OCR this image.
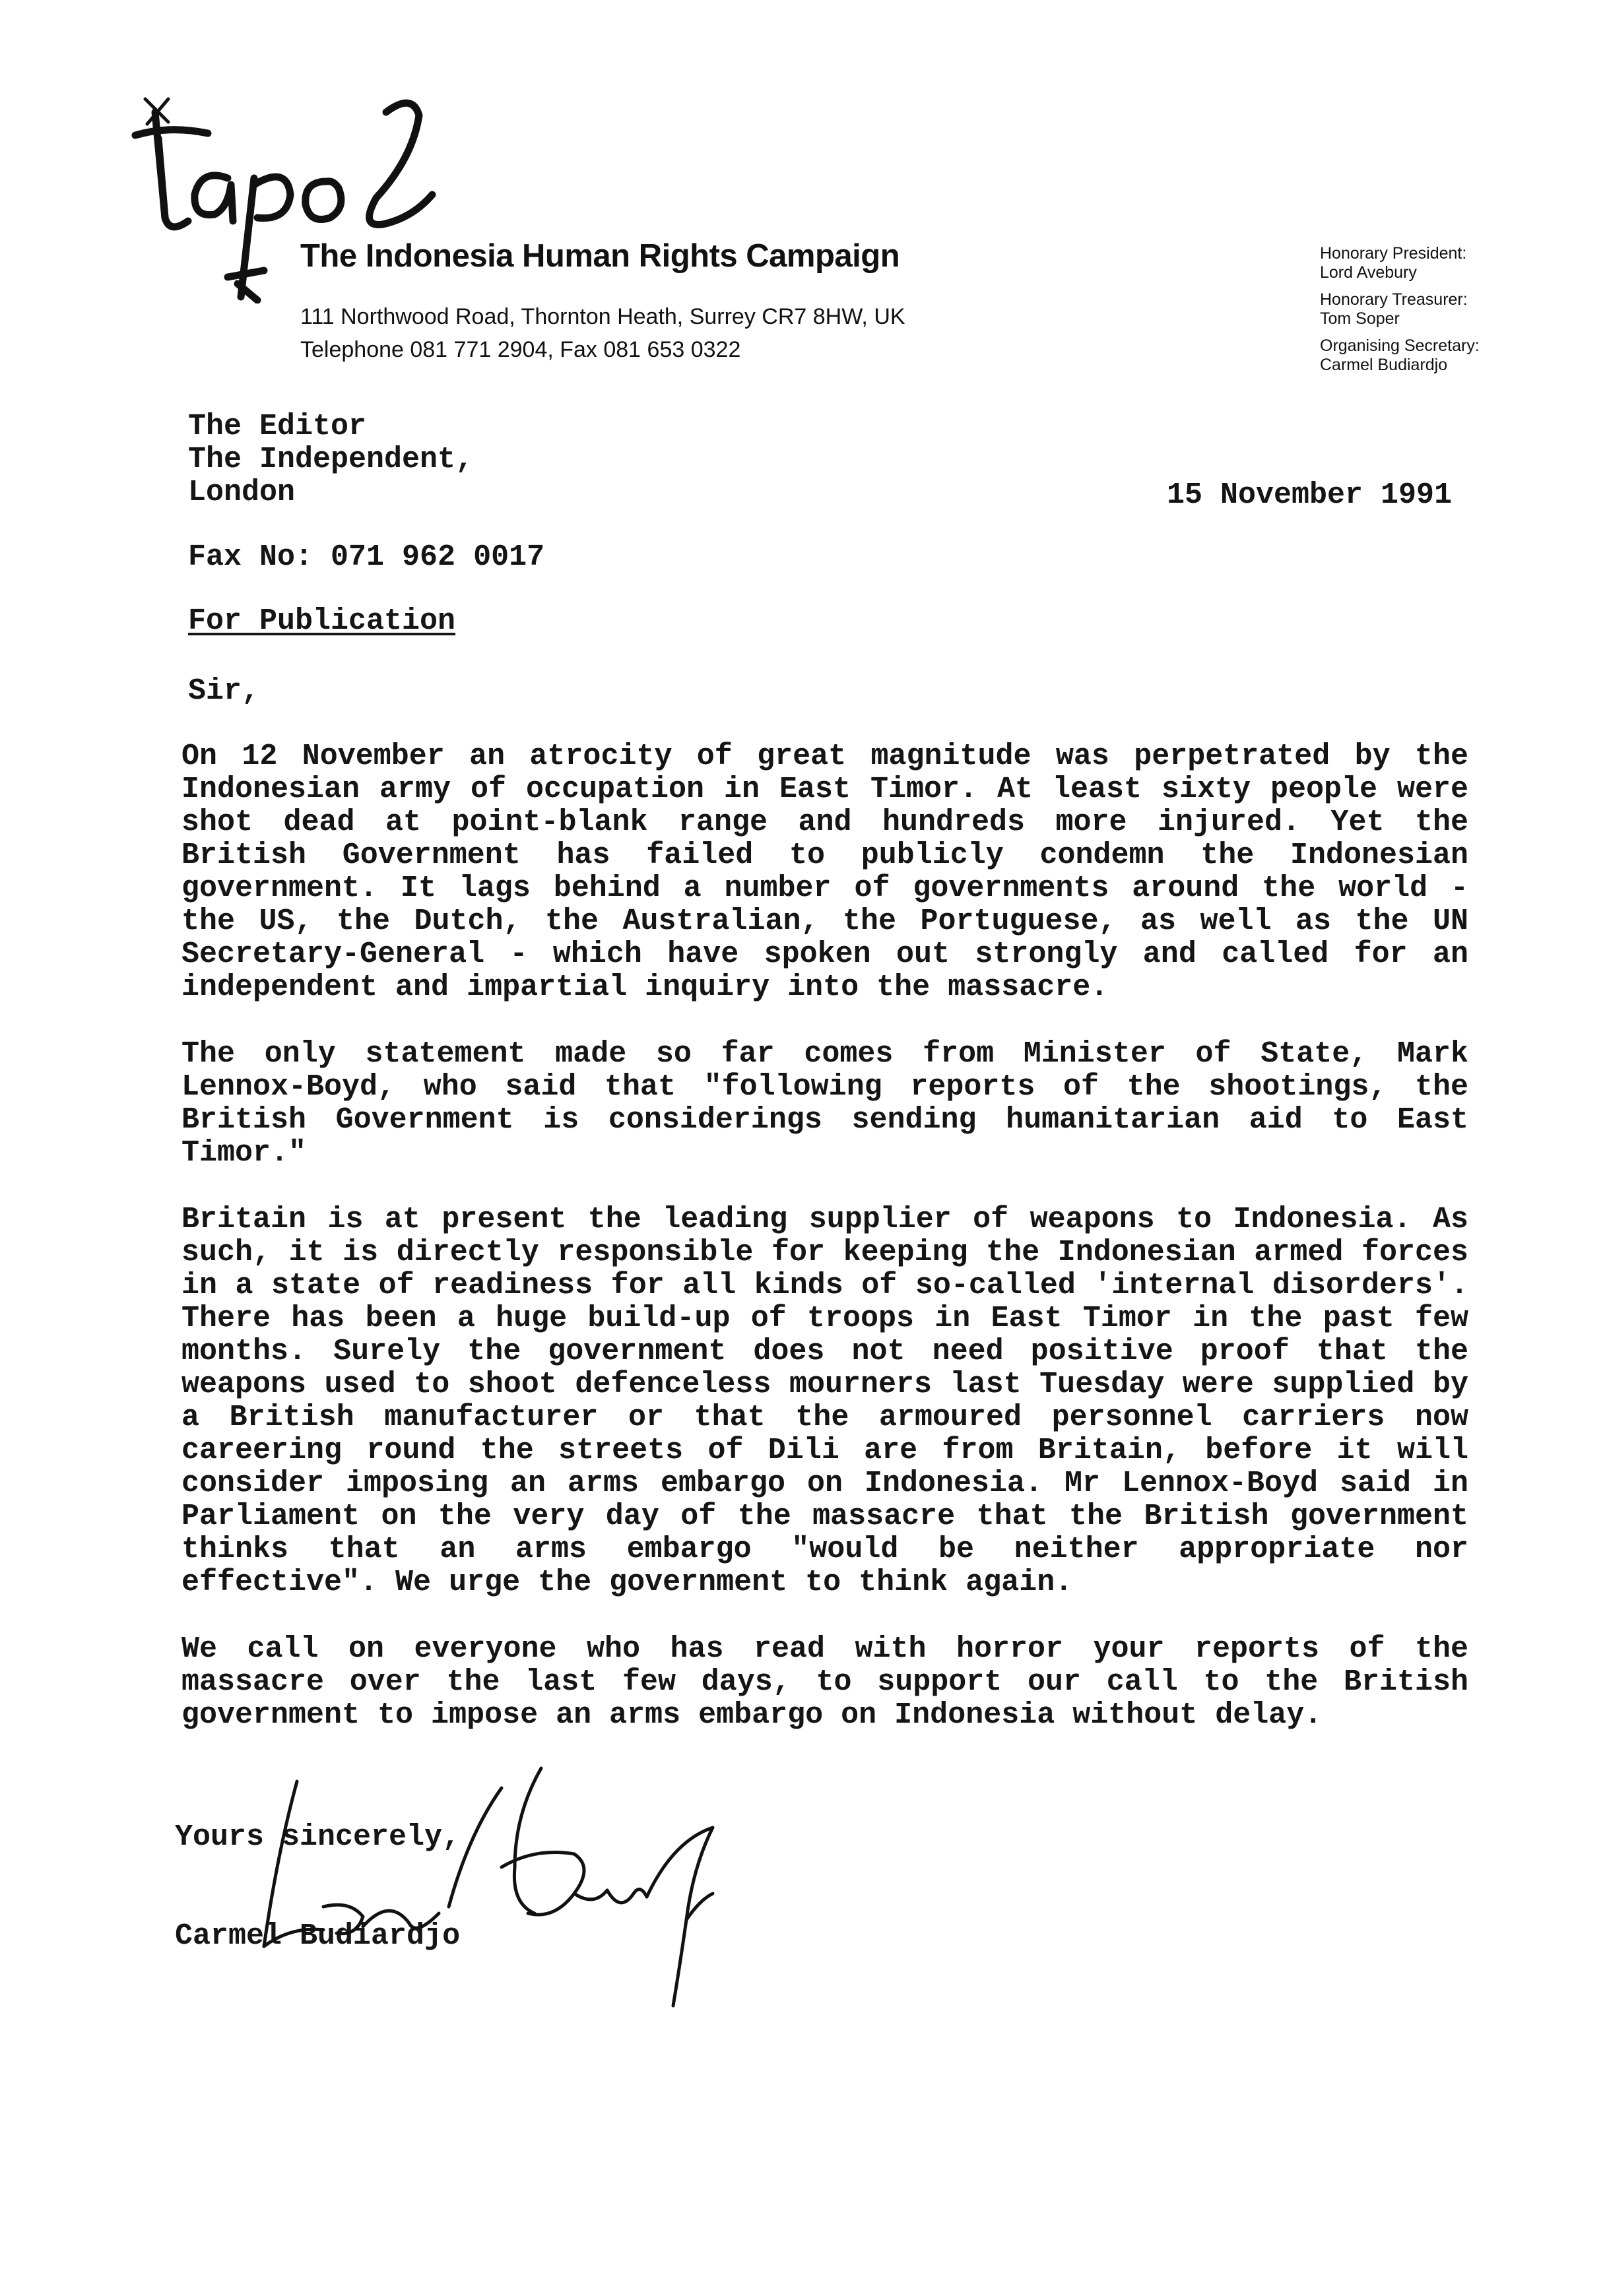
The Indonesia Human Rights Campaign
111 Northwood Road, Thornton Heath, Surrey CR7 8HW, UK
Telephone 081 771 2904, Fax 081 653 0322
Honorary President:
Lord Avebury
Honorary Treasurer:
Tom Soper
Organising Secretary:
Carmel Budiardjo
The Editor
The Independent,
London	15 November 1991
Fax No: 071 962 0017
For Publication
Sir,

On 12 November an atrocity of great magnitude was perpetrated by the Indonesian army of occupation in East Timor. At least sixty people were shot dead at point-blank range and hundreds more injured. Yet the British Government has failed to publicly condemn the Indonesian government. It lags behind a number of governments around the world - the US, the Dutch, the Australian, the Portuguese, as well as the UN Secretary-General - which have spoken out strongly and called for an independent and impartial inquiry into the massacre.

The only statement made so far comes from Minister of State, Mark Lennox-Boyd, who said that "following reports of the shootings, the British Government is considerings sending humanitarian aid to East Timor."

Britain is at present the leading supplier of weapons to Indonesia. As such, it is directly responsible for keeping the Indonesian armed forces in a state of readiness for all kinds of so-called 'internal disorders'. There has been a huge build-up of troops in East Timor in the past few months. Surely the government does not need positive proof that the weapons used to shoot defenceless mourners last Tuesday were supplied by a British manufacturer or that the armoured personnel carriers now careering round the streets of Dili are from Britain, before it will consider imposing an arms embargo on Indonesia. Mr Lennox-Boyd said in Parliament on the very day of the massacre that the British government thinks that an arms embargo "would be neither appropriate nor effective". We urge the government to think again.

We call on everyone who has read with horror your reports of the massacre over the last few days, to support our call to the British government to impose an arms embargo on Indonesia without delay.

Yours sincerely,
Carmel Budiardjo
